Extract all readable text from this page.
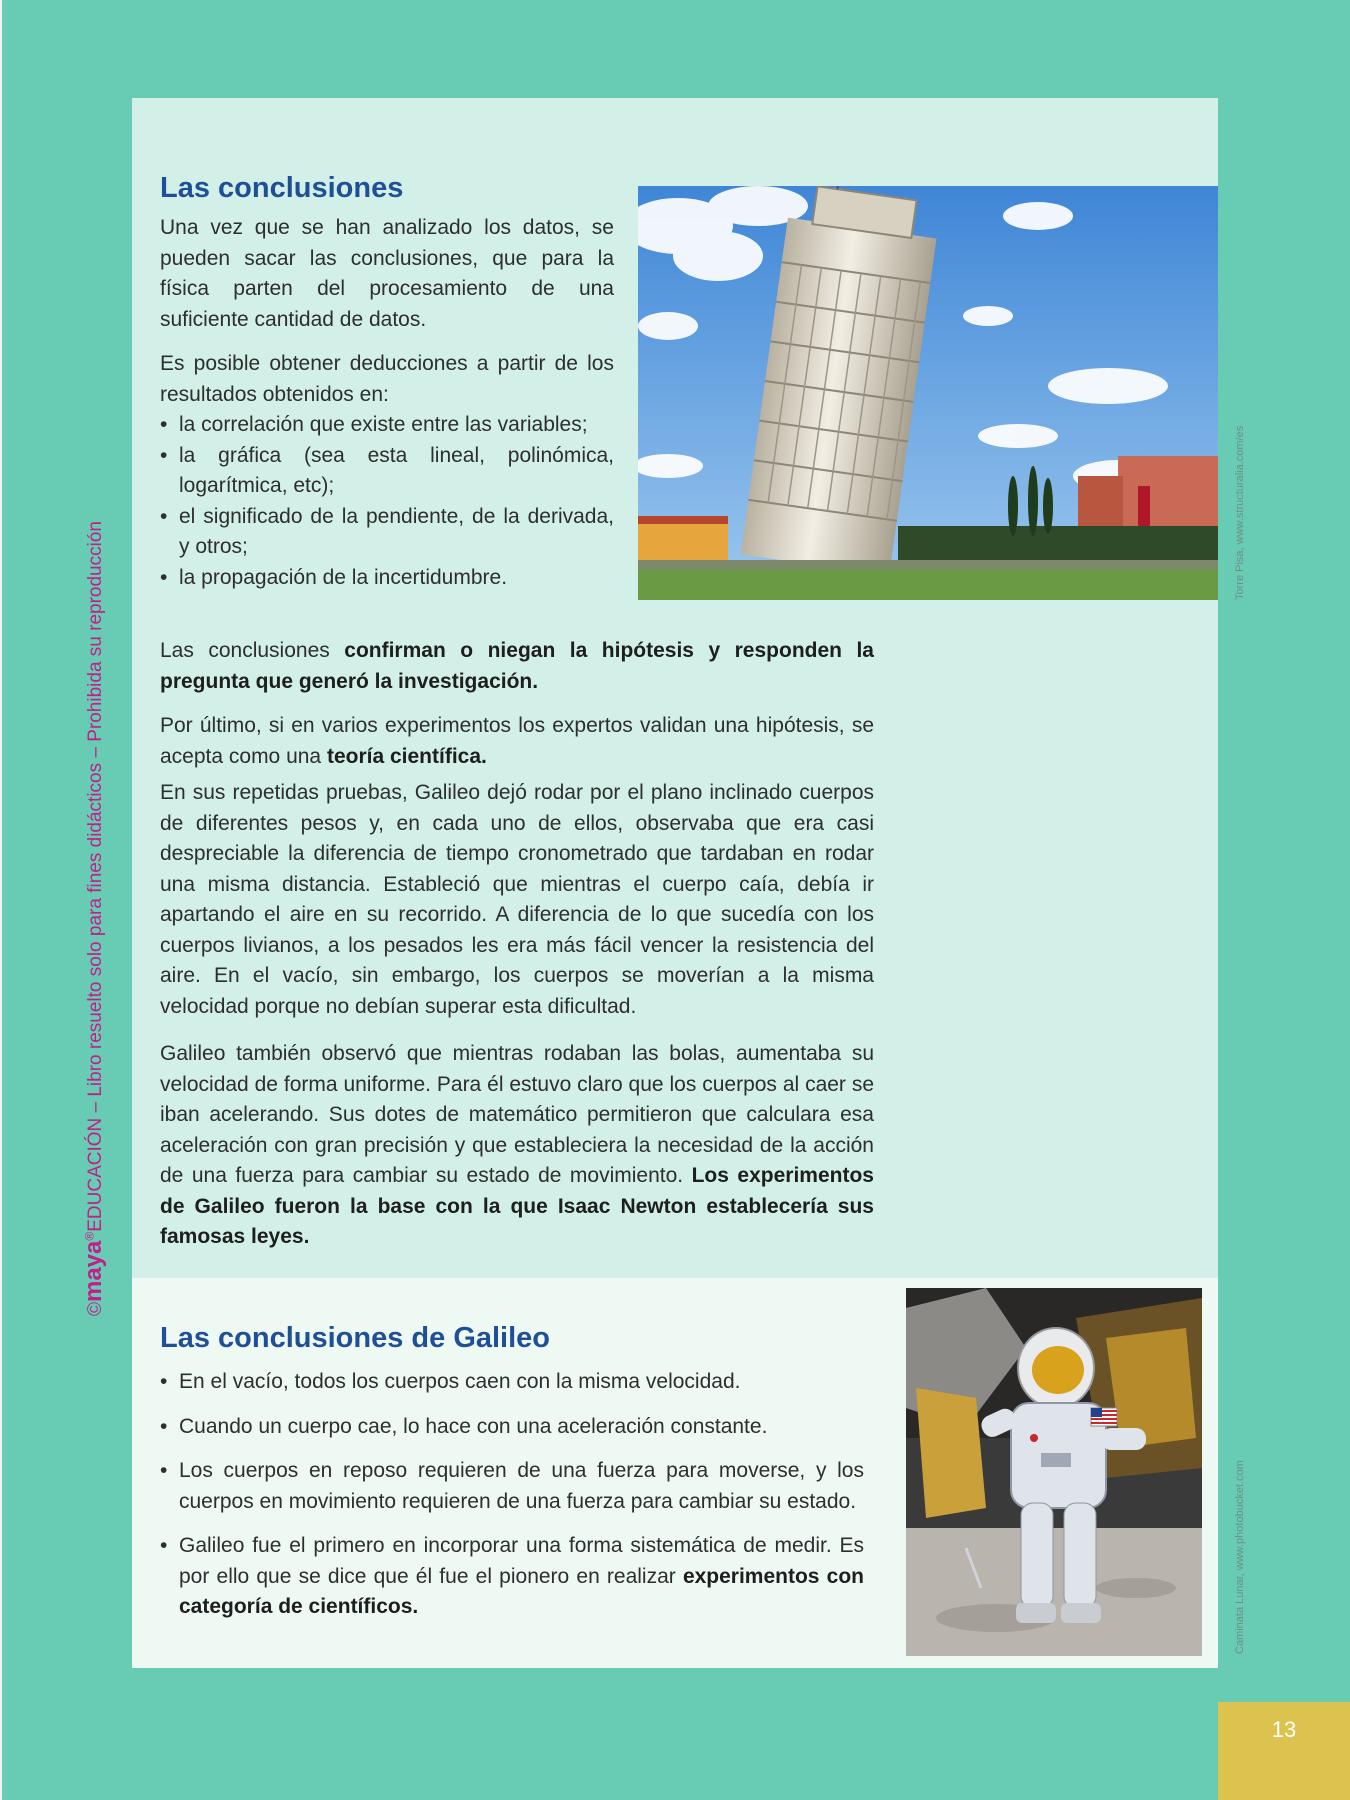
©maya®EDUCACIÓN – Libro resuelto solo para fines didácticos – Prohibida su reproducción
Las conclusiones

Una vez que se han analizado los datos, se pueden sacar las conclusiones, que para la física parten del procesamiento de una suficiente cantidad de datos.

Es posible obtener deducciones a partir de los resultados obtenidos en:

• la correlación que existe entre las variables;
• la gráfica (sea esta lineal, polinómica, logarítmica, etc);
• el significado de la pendiente, de la derivada, y otros;
• la propagación de la incertidumbre.	Torre Pisa, www.structuralia.com/es

Las conclusiones confirman o niegan la hipótesis y responden la pregunta que generó la investigación.

Por último, si en varios experimentos los expertos validan una hipótesis, se acepta como una teoría científica.

En sus repetidas pruebas, Galileo dejó rodar por el plano inclinado cuerpos de diferentes pesos y, en cada uno de ellos, observaba que era casi despreciable la diferencia de tiempo cronometrado que tardaban en rodar una misma distancia. Estableció que mientras el cuerpo caía, debía ir apartando el aire en su recorrido. A diferencia de lo que sucedía con los cuerpos livianos, a los pesados les era más fácil vencer la resistencia del aire. En el vacío, sin embargo, los cuerpos se moverían a la misma velocidad porque no debían superar esta dificultad.

Galileo también observó que mientras rodaban las bolas, aumentaba su velocidad de forma uniforme. Para él estuvo claro que los cuerpos al caer se iban acelerando. Sus dotes de matemático permitieron que calculara esa aceleración con gran precisión y que estableciera la necesidad de la acción de una fuerza para cambiar su estado de movimiento. Los experimentos de Galileo fueron la base con la que Isaac Newton establecería sus famosas leyes.

Las conclusiones de Galileo
• En el vacío, todos los cuerpos caen con la misma velocidad.
• Cuando un cuerpo cae, lo hace con una aceleración constante.
• Los cuerpos en reposo requieren de una fuerza para moverse, y los cuerpos en movimiento requieren de una fuerza para cambiar su estado.
• Galileo fue el primero en incorporar una forma sistemática de medir. Es por ello que se dice que él fue el pionero en realizar experimentos con categoría de científicos.	Caminata Lunar, www.photobucket.com
13
